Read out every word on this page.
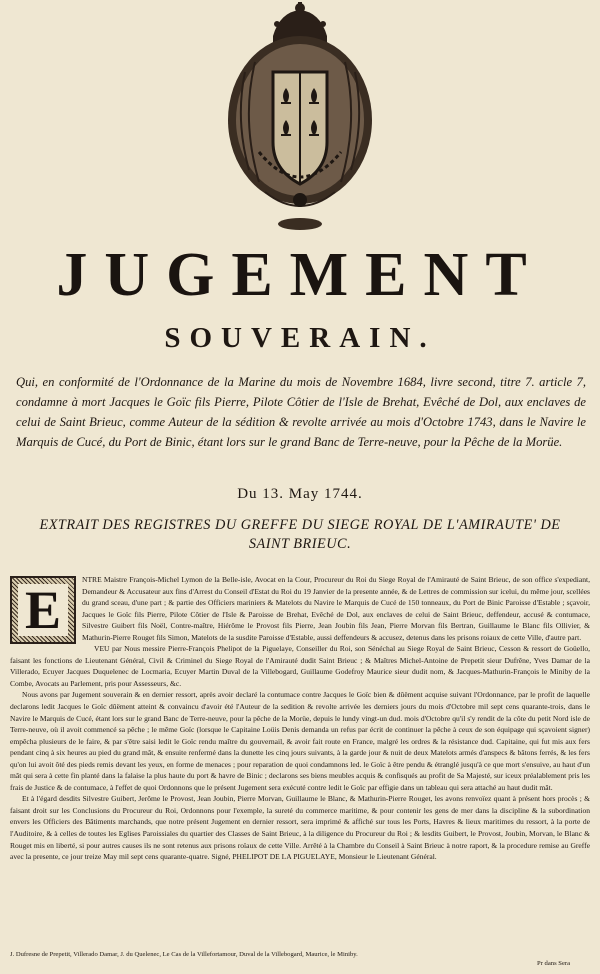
JUGEMENT
SOUVERAIN.
Qui, en conformité de l'Ordonnance de la Marine du mois de Novembre 1684, livre second, titre 7. article 7, condamne à mort Jacques le Goïc fils Pierre, Pilote Côtier de l'Isle de Brehat, Evêché de Dol, aux enclaves de celui de Saint Brieuc, comme Auteur de la sédition & revolte arrivée au mois d'Octobre 1743, dans le Navire le Marquis de Cucé, du Port de Binic, étant lors sur le grand Banc de Terre-neuve, pour la Pêche de la Morüe.
Du 13. May 1744.
EXTRAIT DES REGISTRES DU GREFFE DU SIEGE ROYAL DE L'AMIRAUTE' DE SAINT BRIEUC.
E

NTRE Maistre François-Michel Lymon de la Belle-isle, Avocat en la Cour, Procureur du Roi du Siege Royal de l'Amirauté de Saint Brieuc, de son office s'expediant, Demandeur & Accusateur aux fins d'Arrest du Conseil d'Estat du Roi du 19 Janvier de la presente année, & de Lettres de commission sur icelui, du même jour, scellées du grand sceau, d'une part ; & partie des Officiers mariniers & Matelots du Navire le Marquis de Cucé de 150 tonneaux, du Port de Binic Paroisse d'Estable ; sçavoir, Jacques le Goïc fils Pierre, Pilote Côtier de l'Isle & Paroisse de Brehat, Evêché de Dol, aux enclaves de celui de Saint Brieuc, deffendeur, accusé & contumace, Silvestre Guibert fils Noël, Contre-maître, Hiérôme le Provost fils Pierre, Jean Joubin fils Jean, Pierre Morvan fils Bertran, Guillaume le Blanc fils Ollivier, & Mathurin-Pierre Rouget fils Simon, Matelots de la susdite Paroisse d'Estable, aussi deffendeurs & accusez, detenus dans les prisons roiaux de cette Ville, d'autre part.

VEU par Nous messire Pierre-François Phelipot de la Piguelaye, Conseiller du Roi, son Sénéchal au Siege Royal de Saint Brieuc, Cesson & ressort de Goüello, faisant les fonctions de Lieutenant Général, Civil & Criminel du Siege Royal de l'Amirauté dudit Saint Brieuc ; & Maîtres Michel-Antoine de Prepetit sieur Dufrêne, Yves Damar de la Villerado, Ecuyer Jacques Duquelenec de Locmaria, Ecuyer Martin Duval de la Villebogard, Guillaume Godefroy Maurice sieur dudit nom, & Jacques-Mathurin-François le Miniby de la Combe, Avocats au Parlement, pris pour Assesseurs, &c.

Nous avons par Jugement souverain & en dernier ressort, après avoir declaré la contumace contre Jacques le Goïc bien & dûëment acquise suivant l'Ordonnance, par le profit de laquelle declarons ledit Jacques le Goïc dûëment atteint & convaincu d'avoir été l'Auteur de la sedition & revolte arrivée les derniers jours du mois d'Octobre mil sept cens quarante-trois, dans le Navire le Marquis de Cucé, étant lors sur le grand Banc de Terre-neuve, pour la pêche de la Morüe, depuis le lundy vingt-un dud. mois d'Octobre qu'il s'y rendit de la côte du petit Nord isle de Terre-neuve, où il avoit commencé sa pêche ; le même Goïc (lorsque le Capitaine Loüis Denis demanda un refus par écrit de continuer la pêche à ceux de son équipage qui sçavoient signer) empêcha plusieurs de le faire, & par s'être saisi ledit le Goïc rendu maître du gouvernail, & avoir fait route en France, malgré les ordres & la résistance dud. Capitaine, qui fut mis aux fers pendant cinq à six heures au pied du grand mât, & ensuite renfermé dans la dunette les cinq jours suivants, à la garde jour & nuit de deux Matelots armés d'anspecs & bâtons ferrés, & les fers qu'on lui avoit ôté des pieds remis devant les yeux, en forme de menaces ; pour reparation de quoi condamnons led. le Goïc à être pendu & étranglé jusqu'à ce que mort s'ensuive, au haut d'un mât qui sera à cette fin planté dans la falaise la plus haute du port & havre de Binic ; declarons ses biens meubles acquis & confisqués au profit de Sa Majesté, sur iceux préalablement pris les frais de Justice & de contumace, à l'effet de quoi Ordonnons que le présent Jugement sera exécuté contre ledit le Goïc par effigie dans un tableau qui sera attaché au haut dudit mât.

Et à l'égard desdits Silvestre Guibert, Jerôme le Provost, Jean Joubin, Pierre Morvan, Guillaume le Blanc, & Mathurin-Pierre Rouget, les avons renvoïez quant à présent hors procès ; & faisant droit sur les Conclusions du Procureur du Roi, Ordonnons pour l'exemple, la sureté du commerce maritime, & pour contenir les gens de mer dans la discipline & la subordination envers les Officiers des Bâtiments marchands, que notre présent Jugement en dernier ressort, sera imprimé & affiché sur tous les Ports, Havres & lieux maritimes du ressort, à la porte de l'Auditoire, & à celles de toutes les Eglises Paroissiales du quartier des Classes de Saint Brieuc, à la diligence du Procureur du Roi ; & lesdits Guibert, le Provost, Joubin, Morvan, le Blanc & Rouget mis en liberté, si pour autres causes ils ne sont retenus aux prisons roïaux de cette Ville. Arrêté à la Chambre du Conseil à Saint Brieuc à notre raport, & la procedure remise au Greffe avec la presente, ce jour treize May mil sept cens quarante-quatre. Signé, PHELIPOT DE LA PIGUELAYE, Monsieur le Lieutenant Général.

J. Dufresne de Prepetit, Villerado Damar, J. du Quelenec, Le Cas de la Villefortamour, Duval de la Villebogard, Maurice, le Miniby.
Pr dans Sera
